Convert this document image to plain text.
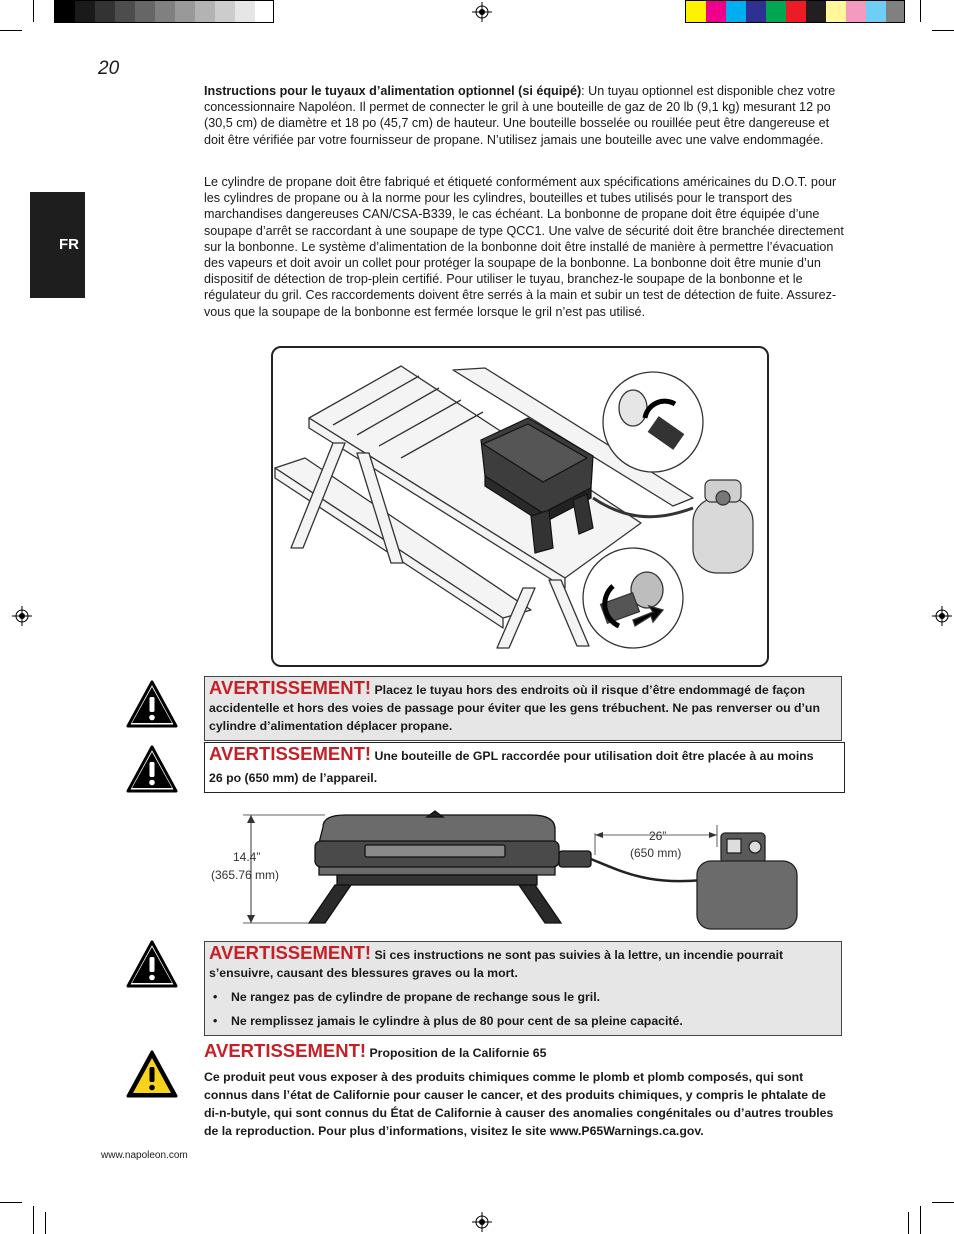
20
FR

Instructions pour le tuyaux d’alimentation optionnel (si équipé): Un tuyau optionnel est disponible chez votre concessionnaire Napoléon. Il permet de connecter le gril à une bouteille de gaz de 20 lb (9,1 kg) mesurant 12 po (30,5 cm) de diamètre et 18 po (45,7 cm) de hauteur. Une bouteille bosselée ou rouillée peut être dangereuse et doit être vérifiée par votre fournisseur de propane. N’utilisez jamais une bouteille avec une valve endommagée.

Le cylindre de propane doit être fabriqué et étiqueté conformément aux spécifications américaines du D.O.T. pour les cylindres de propane ou à la norme pour les cylindres, bouteilles et tubes utilisés pour le transport des marchandises dangereuses CAN/CSA-B339, le cas échéant. La bonbonne de propane doit être équipée d’une soupape d’arrêt se raccordant à une soupape de type QCC1. Une valve de sécurité doit être branchée directement sur la bonbonne. Le système d’alimentation de la bonbonne doit être installé de manière à permettre l’évacuation des vapeurs et doit avoir un collet pour protéger la soupape de la bonbonne. La bonbonne doit être munie d’un dispositif de détection de trop-plein certifié. Pour utiliser le tuyau, branchez-le soupape de la bonbonne et le régulateur du gril. Ces raccordements doivent être serrés à la main et subir un test de détection de fuite. Assurez-vous que la soupape de la bonbonne est fermée lorsque le gril n’est pas utilisé.

AVERTISSEMENT! Placez le tuyau hors des endroits où il risque d’être endommagé de façon accidentelle et hors des voies de passage pour éviter que les gens trébuchent. Ne pas renverser ou d’un cylindre d’alimentation déplacer propane.
AVERTISSEMENT! Une bouteille de GPL raccordée pour utilisation doit être placée à au moins
26 po (650 mm) de l’appareil.
14.4”
(365.76 mm)
26”
(650 mm)
AVERTISSEMENT! Si ces instructions ne sont pas suivies à la lettre, un incendie pourrait s’ensuivre, causant des blessures graves ou la mort.
• Ne rangez pas de cylindre de propane de rechange sous le gril.
• Ne remplissez jamais le cylindre à plus de 80 pour cent de sa pleine capacité.
AVERTISSEMENT! Proposition de la Californie 65
Ce produit peut vous exposer à des produits chimiques comme le plomb et plomb composés, qui sont connus dans l’état de Californie pour causer le cancer, et des produits chimiques, y compris le phtalate de di-n-butyle, qui sont connus du État de Californie à causer des anomalies congénitales ou d’autres troubles de la reproduction. Pour plus d’informations, visitez le site www.P65Warnings.ca.gov.
www.napoleon.com
